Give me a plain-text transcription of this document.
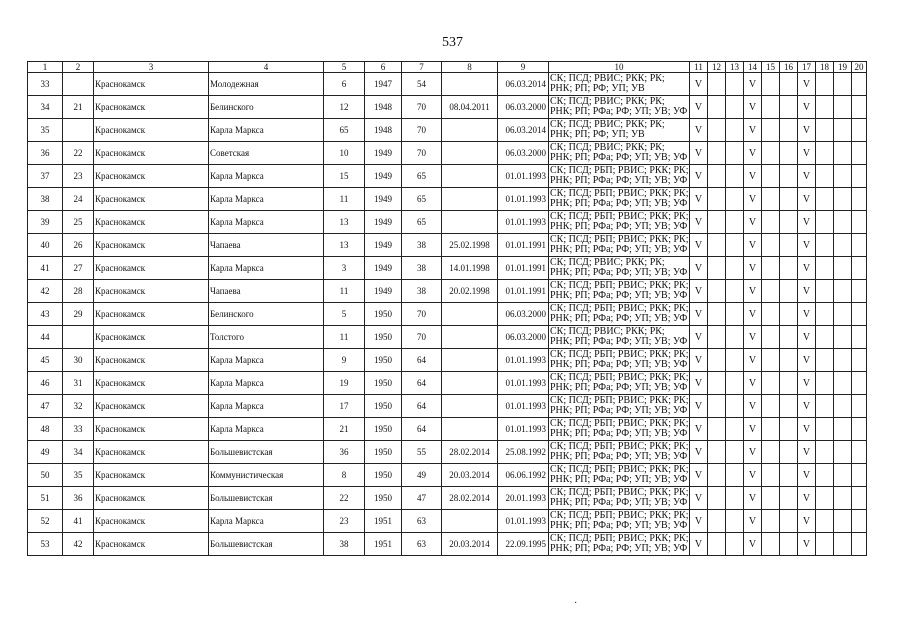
537
1	2	3	4	5	6	7	8	9	10	11	12	13	14	15	16	17	18	19	20
33		Краснокамск	Молодежная	6	1947	54		06.03.2014	СК; ПСД; РВИС; РКК; РК; РНК; РП; РФ; УП; УВ	V			V			V			
34	21	Краснокамск	Белинского	12	1948	70	08.04.2011	06.03.2000	СК; ПСД; РВИС; РКК; РК; РНК; РП; РФа; РФ; УП; УВ; УФ	V			V			V			
35		Краснокамск	Карла Маркса	65	1948	70		06.03.2014	СК; ПСД; РВИС; РКК; РК; РНК; РП; РФ; УП; УВ	V			V			V			
36	22	Краснокамск	Советская	10	1949	70		06.03.2000	СК; ПСД; РВИС; РКК; РК; РНК; РП; РФа; РФ; УП; УВ; УФ	V			V			V			
37	23	Краснокамск	Карла Маркса	15	1949	65		01.01.1993	СК; ПСД; РБП; РВИС; РКК; РК; РНК; РП; РФа; РФ; УП; УВ; УФ	V			V			V			
38	24	Краснокамск	Карла Маркса	11	1949	65		01.01.1993	СК; ПСД; РБП; РВИС; РКК; РК; РНК; РП; РФа; РФ; УП; УВ; УФ	V			V			V			
39	25	Краснокамск	Карла Маркса	13	1949	65		01.01.1993	СК; ПСД; РБП; РВИС; РКК; РК; РНК; РП; РФа; РФ; УП; УВ; УФ	V			V			V			
40	26	Краснокамск	Чапаева	13	1949	38	25.02.1998	01.01.1991	СК; ПСД; РБП; РВИС; РКК; РК; РНК; РП; РФа; РФ; УП; УВ; УФ	V			V			V			
41	27	Краснокамск	Карла Маркса	3	1949	38	14.01.1998	01.01.1991	СК; ПСД; РВИС; РКК; РК; РНК; РП; РФа; РФ; УП; УВ; УФ	V			V			V			
42	28	Краснокамск	Чапаева	11	1949	38	20.02.1998	01.01.1991	СК; ПСД; РБП; РВИС; РКК; РК; РНК; РП; РФа; РФ; УП; УВ; УФ	V			V			V			
43	29	Краснокамск	Белинского	5	1950	70		06.03.2000	СК; ПСД; РБП; РВИС; РКК; РК; РНК; РП; РФа; РФ; УП; УВ; УФ	V			V			V			
44		Краснокамск	Толстого	11	1950	70		06.03.2000	СК; ПСД; РВИС; РКК; РК; РНК; РП; РФа; РФ; УП; УВ; УФ	V			V			V			
45	30	Краснокамск	Карла Маркса	9	1950	64		01.01.1993	СК; ПСД; РБП; РВИС; РКК; РК; РНК; РП; РФа; РФ; УП; УВ; УФ	V			V			V			
46	31	Краснокамск	Карла Маркса	19	1950	64		01.01.1993	СК; ПСД; РБП; РВИС; РКК; РК; РНК; РП; РФа; РФ; УП; УВ; УФ	V			V			V			
47	32	Краснокамск	Карла Маркса	17	1950	64		01.01.1993	СК; ПСД; РБП; РВИС; РКК; РК; РНК; РП; РФа; РФ; УП; УВ; УФ	V			V			V			
48	33	Краснокамск	Карла Маркса	21	1950	64		01.01.1993	СК; ПСД; РБП; РВИС; РКК; РК; РНК; РП; РФа; РФ; УП; УВ; УФ	V			V			V			
49	34	Краснокамск	Большевистская	36	1950	55	28.02.2014	25.08.1992	СК; ПСД; РБП; РВИС; РКК; РК; РНК; РП; РФа; РФ; УП; УВ; УФ	V			V			V			
50	35	Краснокамск	Коммунистическая	8	1950	49	20.03.2014	06.06.1992	СК; ПСД; РБП; РВИС; РКК; РК; РНК; РП; РФа; РФ; УП; УВ; УФ	V			V			V			
51	36	Краснокамск	Большевистская	22	1950	47	28.02.2014	20.01.1993	СК; ПСД; РБП; РВИС; РКК; РК; РНК; РП; РФа; РФ; УП; УВ; УФ	V			V			V			
52	41	Краснокамск	Карла Маркса	23	1951	63		01.01.1993	СК; ПСД; РБП; РВИС; РКК; РК; РНК; РП; РФа; РФ; УП; УВ; УФ	V			V			V			
53	42	Краснокамск	Большевистская	38	1951	63	20.03.2014	22.09.1995	СК; ПСД; РБП; РВИС; РКК; РК; РНК; РП; РФа; РФ; УП; УВ; УФ	V			V			V			
·
